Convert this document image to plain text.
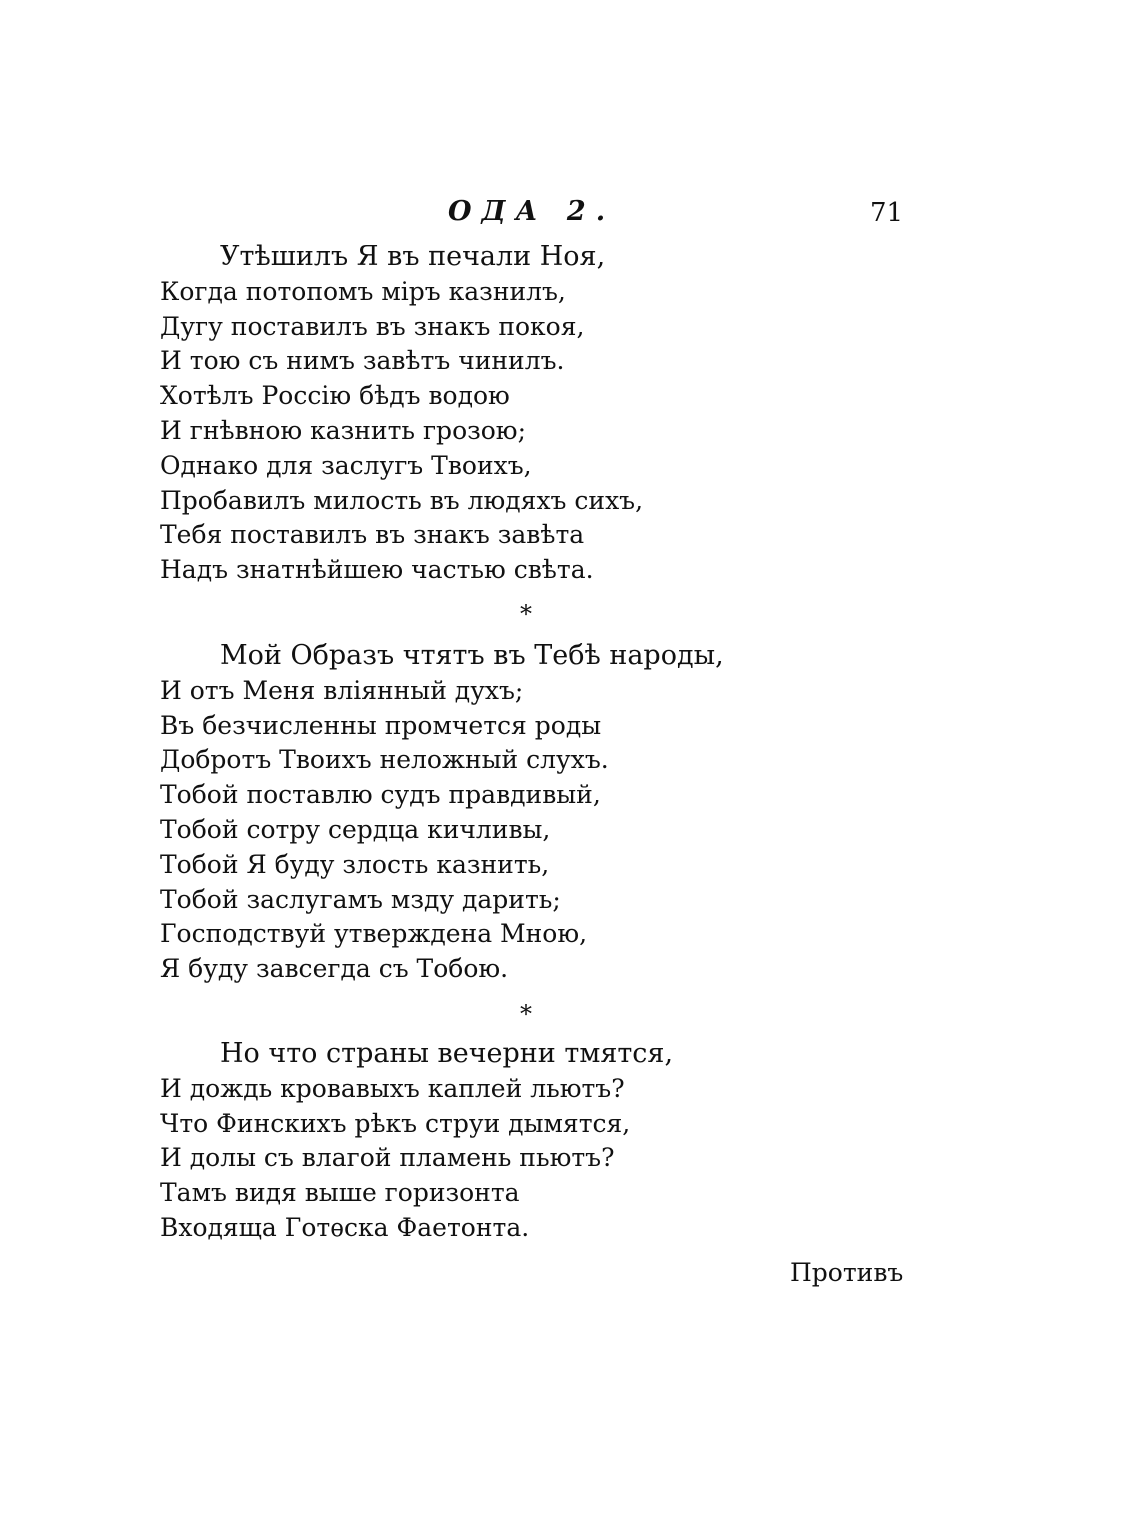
ОДА 2.	71
Утѣшилъ Я въ печали Ноя,
Когда потопомъ мiръ казнилъ,
Дугу поставилъ въ знакъ покоя,
И тою съ нимъ завѣтъ чинилъ.
Хотѣлъ Россiю бѣдъ водою
И гнѣвною казнить грозою;
Однако для заслугъ Твоихъ,
Пробавилъ милость въ людяхъ сихъ,
Тебя поставилъ въ знакъ завѣта
Надъ знатнѣйшею частью свѣта.
*
Мой Образъ чтятъ въ Тебѣ народы,
И отъ Меня влiянный духъ;
Въ безчисленны промчется роды
Добротъ Твоихъ неложный слухъ.
Тобой поставлю судъ правдивый,
Тобой сотру сердца кичливы,
Тобой Я буду злость казнить,
Тобой заслугамъ мзду дарить;
Господствуй утверждена Мною,
Я буду завсегда съ Тобою.
*
Но что страны вечерни тмятся,
И дождь кровавыхъ каплей льютъ?
Что Финскихъ рѣкъ струи дымятся,
И долы съ влагой пламень пьютъ?
Тамъ видя выше горизонта
Входяща Готѳска Фаетонта.
Противъ
